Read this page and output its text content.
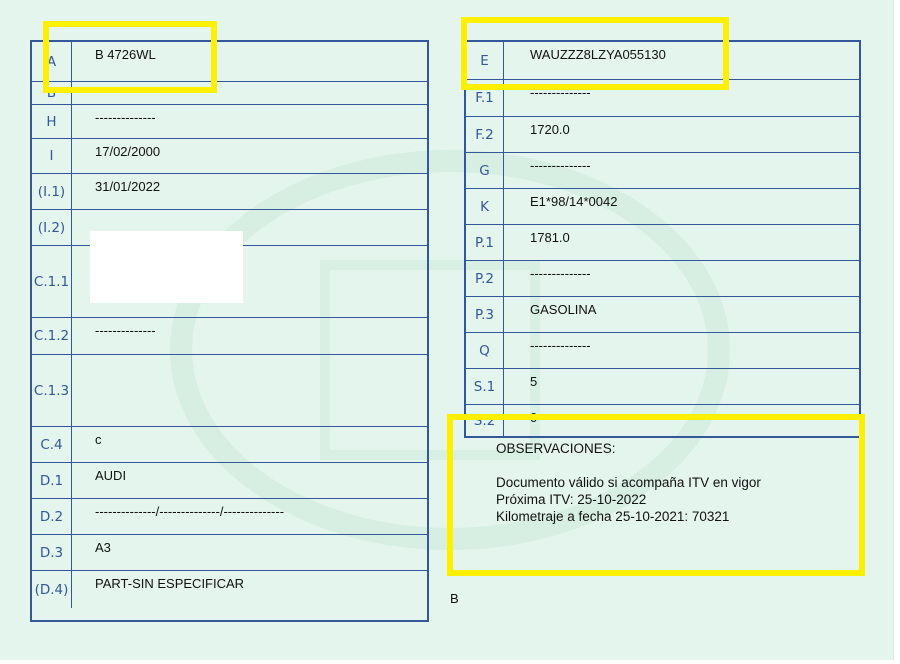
A	B 4726WL
B
H	--------------
I	17/02/2000
(I.1)	31/01/2022
(I.2)
C.1.1
C.1.2 --------------
C.1.3
C.4	c
D.1	AUDI
D.2	--------------/--------------/--------------
D.3	A3
(D.4) PART-SIN ESPECIFICAR
E	WAUZZZ8LZYA055130
F.1	--------------
F.2	1720.0
G	--------------
K	E1*98/14*0042
P.1	1781.0
P.2	--------------
P.3	GASOLINA
Q	--------------
S.1	5
S.2	0
OBSERVACIONES:
Documento válido si acompaña ITV en vigor
Próxima ITV: 25-10-2022
Kilometraje a fecha 25-10-2021: 70321
B
